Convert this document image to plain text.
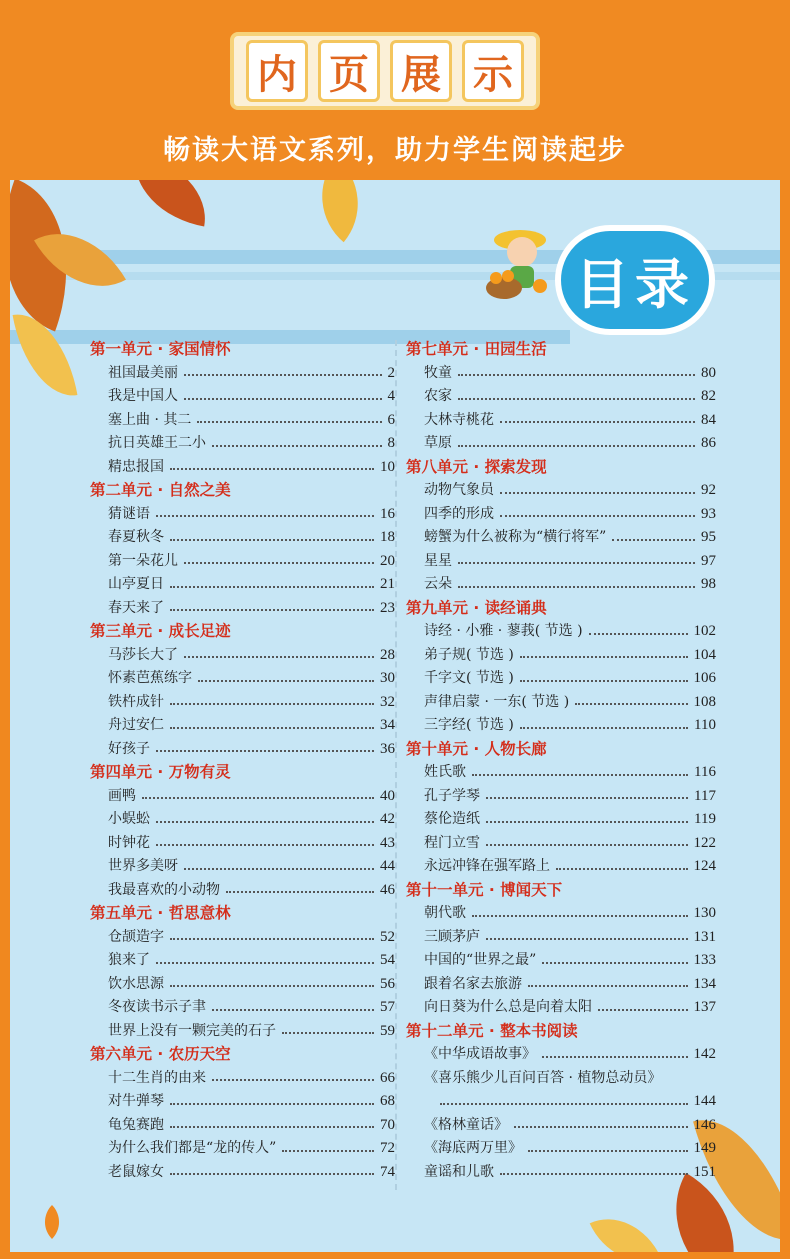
内 页 展 示
畅读大语文系列，助力学生阅读起步
目录
第一单元 · 家国情怀
祖国最美丽	2
我是中国人	4
塞上曲 · 其二	6
抗日英雄王二小	8
精忠报国	10
第二单元 · 自然之美
猜谜语	16
春夏秋冬	18
第一朵花儿	20
山亭夏日	21
春天来了	23
第三单元 · 成长足迹
马莎长大了	28
怀素芭蕉练字	30
铁杵成针	32
舟过安仁	34
好孩子	36
第四单元 · 万物有灵
画鸭	40
小蜈蚣	42
时钟花	43
世界多美呀	44
我最喜欢的小动物	46
第五单元 · 哲思意林
仓颉造字	52
狼来了	54
饮水思源	56
冬夜读书示子聿	57
世界上没有一颗完美的石子	59
第六单元 · 农历天空
十二生肖的由来	66
对牛弹琴	68
龟兔赛跑	70
为什么我们都是“龙的传人”	72
老鼠嫁女	74
第七单元 · 田园生活
牧童	80
农家	82
大林寺桃花	84
草原	86
第八单元 · 探索发现
动物气象员	92
四季的形成	93
螃蟹为什么被称为“横行将军”	95
星星	97
云朵	98
第九单元 · 读经诵典
诗经 · 小雅 · 蓼莪( 节选 )	102
弟子规( 节选 )	104
千字文( 节选 )	106
声律启蒙 · 一东( 节选 )	108
三字经( 节选 )	110
第十单元 · 人物长廊
姓氏歌	116
孔子学琴	117
蔡伦造纸	119
程门立雪	122
永远冲锋在强军路上	124
第十一单元 · 博闻天下
朝代歌	130
三顾茅庐	131
中国的“世界之最”	133
跟着名家去旅游	134
向日葵为什么总是向着太阳	137
第十二单元 · 整本书阅读
《中华成语故事》	142
《喜乐熊少儿百问百答 · 植物总动员》
144
《格林童话》	146
《海底两万里》	149
童谣和儿歌	151
